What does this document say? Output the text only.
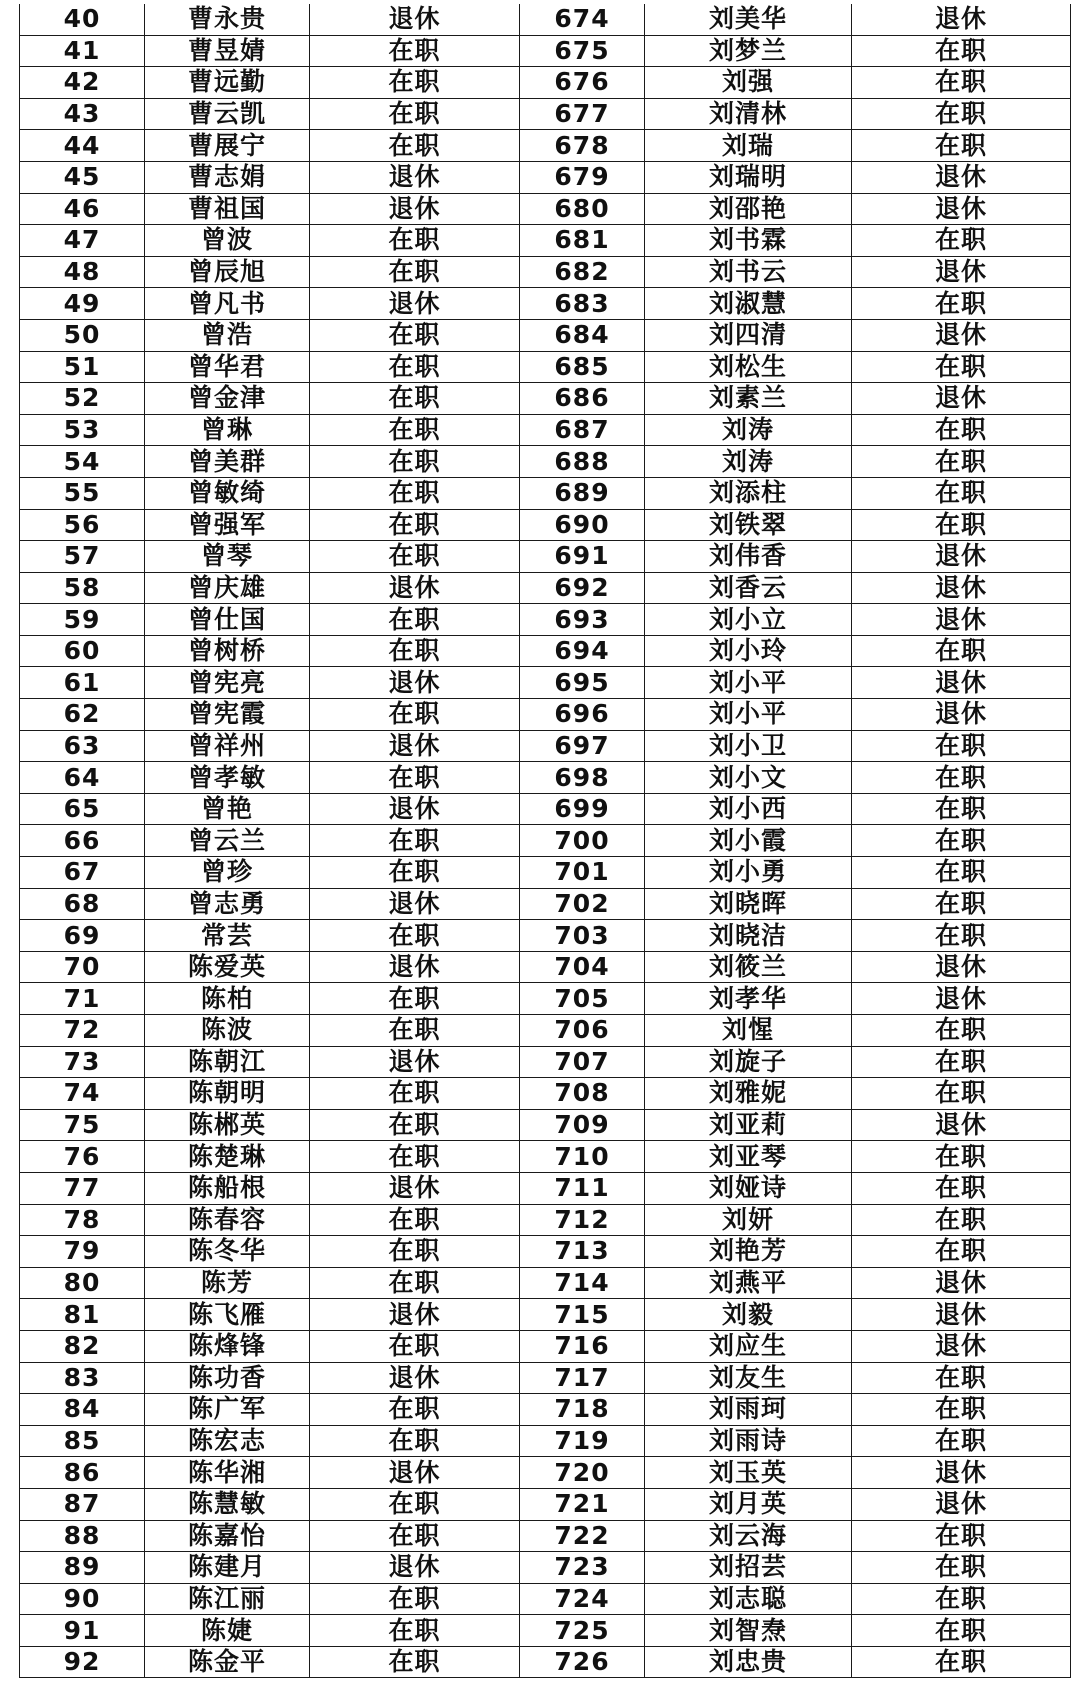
40	曹永贵	退休	674	刘美华	退休
41	曹昱婧	在职	675	刘梦兰	在职
42	曹远勤	在职	676	刘强	在职
43	曹云凯	在职	677	刘清林	在职
44	曹展宁	在职	678	刘瑞	在职
45	曹志娟	退休	679	刘瑞明	退休
46	曹祖国	退休	680	刘邵艳	退休
47	曾波	在职	681	刘书霖	在职
48	曾辰旭	在职	682	刘书云	退休
49	曾凡书	退休	683	刘淑慧	在职
50	曾浩	在职	684	刘四清	退休
51	曾华君	在职	685	刘松生	在职
52	曾金津	在职	686	刘素兰	退休
53	曾琳	在职	687	刘涛	在职
54	曾美群	在职	688	刘涛	在职
55	曾敏绮	在职	689	刘添柱	在职
56	曾强军	在职	690	刘铁翠	在职
57	曾琴	在职	691	刘伟香	退休
58	曾庆雄	退休	692	刘香云	退休
59	曾仕国	在职	693	刘小立	退休
60	曾树桥	在职	694	刘小玲	在职
61	曾宪亮	退休	695	刘小平	退休
62	曾宪霞	在职	696	刘小平	退休
63	曾祥州	退休	697	刘小卫	在职
64	曾孝敏	在职	698	刘小文	在职
65	曾艳	退休	699	刘小西	在职
66	曾云兰	在职	700	刘小霞	在职
67	曾珍	在职	701	刘小勇	在职
68	曾志勇	退休	702	刘晓晖	在职
69	常芸	在职	703	刘晓洁	在职
70	陈爱英	退休	704	刘筱兰	退休
71	陈柏	在职	705	刘孝华	退休
72	陈波	在职	706	刘惺	在职
73	陈朝江	退休	707	刘旋子	在职
74	陈朝明	在职	708	刘雅妮	在职
75	陈郴英	在职	709	刘亚莉	退休
76	陈楚琳	在职	710	刘亚琴	在职
77	陈船根	退休	711	刘娅诗	在职
78	陈春容	在职	712	刘妍	在职
79	陈冬华	在职	713	刘艳芳	在职
80	陈芳	在职	714	刘燕平	退休
81	陈飞雁	退休	715	刘毅	退休
82	陈烽锋	在职	716	刘应生	退休
83	陈功香	退休	717	刘友生	在职
84	陈广军	在职	718	刘雨珂	在职
85	陈宏志	在职	719	刘雨诗	在职
86	陈华湘	退休	720	刘玉英	退休
87	陈慧敏	在职	721	刘月英	退休
88	陈嘉怡	在职	722	刘云海	在职
89	陈建月	退休	723	刘招芸	在职
90	陈江丽	在职	724	刘志聪	在职
91	陈婕	在职	725	刘智焘	在职
92	陈金平	在职	726	刘忠贵	在职
